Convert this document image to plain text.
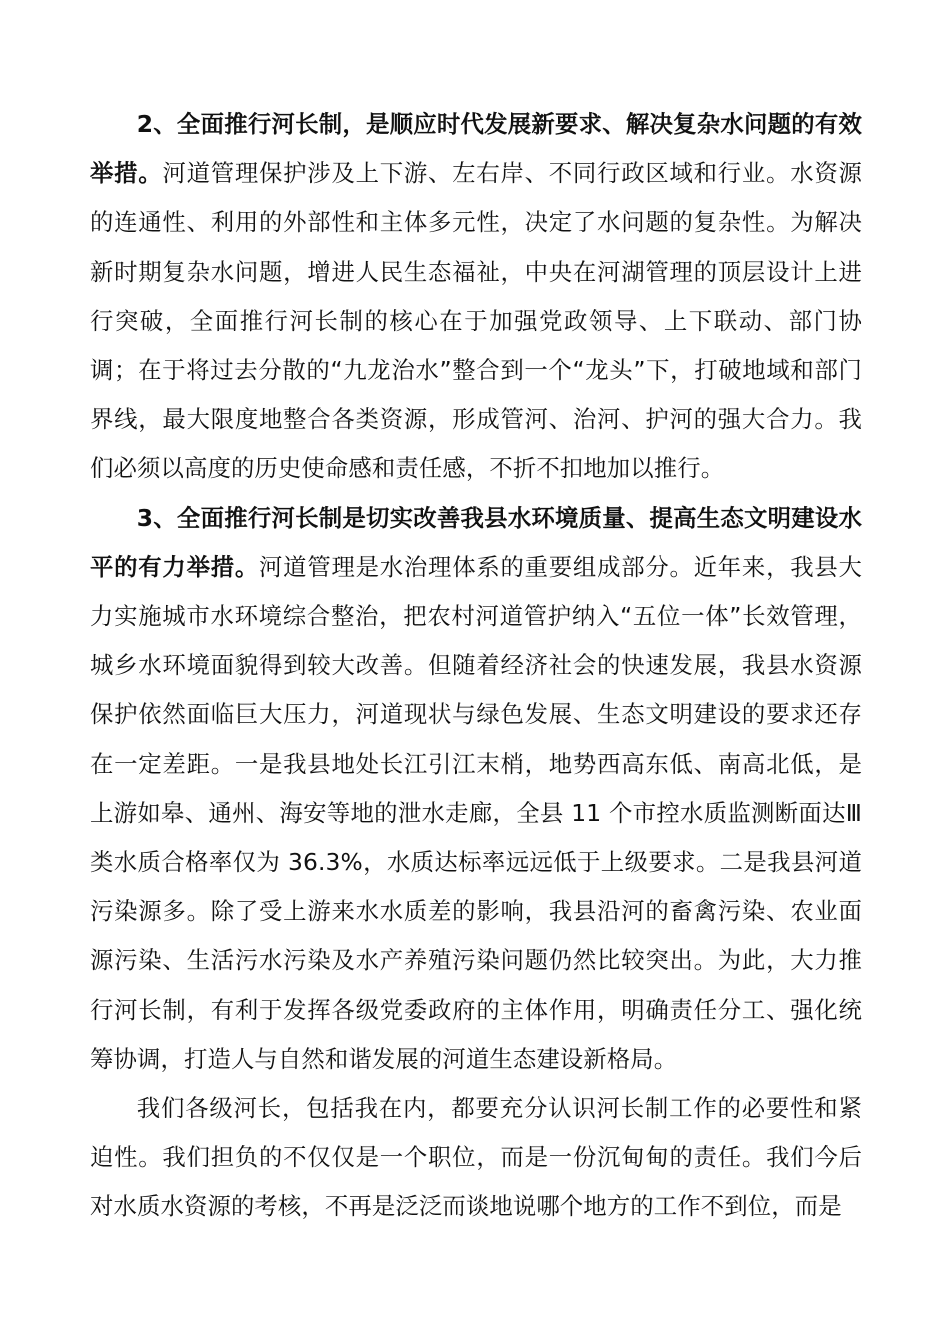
2、全面推行河长制，是顺应时代发展新要求、解决复杂水问题的有效举措。河道管理保护涉及上下游、左右岸、不同行政区域和行业。水资源的连通性、利用的外部性和主体多元性，决定了水问题的复杂性。为解决新时期复杂水问题，增进人民生态福祉，中央在河湖管理的顶层设计上进行突破，全面推行河长制的核心在于加强党政领导、上下联动、部门协调；在于将过去分散的“九龙治水”整合到一个“龙头”下，打破地域和部门界线，最大限度地整合各类资源，形成管河、治河、护河的强大合力。我们必须以高度的历史使命感和责任感，不折不扣地加以推行。

3、全面推行河长制是切实改善我县水环境质量、提高生态文明建设水平的有力举措。河道管理是水治理体系的重要组成部分。近年来，我县大力实施城市水环境综合整治，把农村河道管护纳入“五位一体”长效管理，城乡水环境面貌得到较大改善。但随着经济社会的快速发展，我县水资源保护依然面临巨大压力，河道现状与绿色发展、生态文明建设的要求还存在一定差距。一是我县地处长江引江末梢，地势西高东低、南高北低，是上游如皋、通州、海安等地的泄水走廊，全县 11 个市控水质监测断面达Ⅲ类水质合格率仅为 36.3%，水质达标率远远低于上级要求。二是我县河道污染源多。除了受上游来水水质差的影响，我县沿河的畜禽污染、农业面源污染、生活污水污染及水产养殖污染问题仍然比较突出。为此，大力推行河长制，有利于发挥各级党委政府的主体作用，明确责任分工、强化统筹协调，打造人与自然和谐发展的河道生态建设新格局。

我们各级河长，包括我在内，都要充分认识河长制工作的必要性和紧迫性。我们担负的不仅仅是一个职位，而是一份沉甸甸的责任。我们今后对水质水资源的考核，不再是泛泛而谈地说哪个地方的工作不到位，而是
